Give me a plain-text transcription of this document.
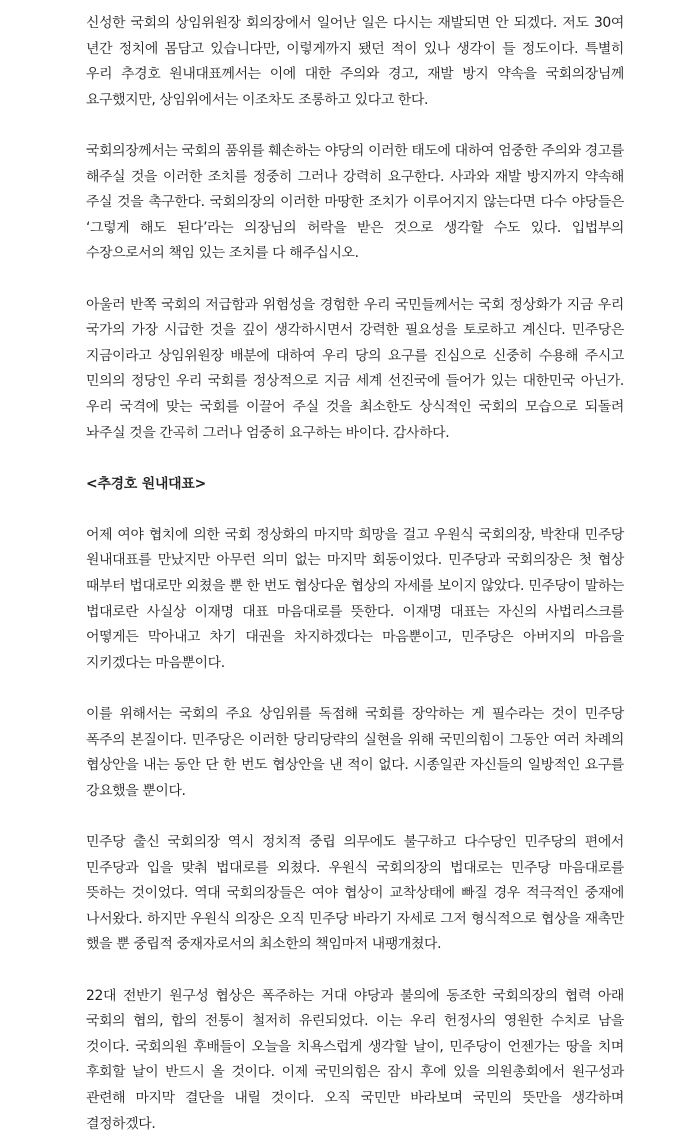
신성한 국회의 상임위원장 회의장에서 일어난 일은 다시는 재발되면 안 되겠다. 저도 30여 년간 정치에 몸담고 있습니다만, 이렇게까지 됐던 적이 있나 생각이 들 정도이다. 특별히 우리 추경호 원내대표께서는 이에 대한 주의와 경고, 재발 방지 약속을 국회의장님께 요구했지만, 상임위에서는 이조차도 조롱하고 있다고 한다.

국회의장께서는 국회의 품위를 훼손하는 야당의 이러한 태도에 대하여 엄중한 주의와 경고를 해주실 것을 이러한 조치를 정중히 그러나 강력히 요구한다. 사과와 재발 방지까지 약속해 주실 것을 촉구한다. 국회의장의 이러한 마땅한 조치가 이루어지지 않는다면 다수 야당들은 ‘그렇게 해도 된다’라는 의장님의 허락을 받은 것으로 생각할 수도 있다. 입법부의 수장으로서의 책임 있는 조치를 다 해주십시오.

아울러 반쪽 국회의 저급함과 위험성을 경험한 우리 국민들께서는 국회 정상화가 지금 우리 국가의 가장 시급한 것을 깊이 생각하시면서 강력한 필요성을 토로하고 계신다. 민주당은 지금이라고 상임위원장 배분에 대하여 우리 당의 요구를 진심으로 신중히 수용해 주시고 민의의 정당인 우리 국회를 정상적으로 지금 세계 선진국에 들어가 있는 대한민국 아닌가. 우리 국격에 맞는 국회를 이끌어 주실 것을 최소한도 상식적인 국회의 모습으로 되돌려 놔주실 것을 간곡히 그러나 엄중히 요구하는 바이다. 감사하다.

<추경호 원내대표>

어제 여야 협치에 의한 국회 정상화의 마지막 희망을 걸고 우원식 국회의장, 박찬대 민주당 원내대표를 만났지만 아무런 의미 없는 마지막 회동이었다. 민주당과 국회의장은 첫 협상 때부터 법대로만 외쳤을 뿐 한 번도 협상다운 협상의 자세를 보이지 않았다. 민주당이 말하는 법대로란 사실상 이재명 대표 마음대로를 뜻한다. 이재명 대표는 자신의 사법리스크를 어떻게든 막아내고 차기 대권을 차지하겠다는 마음뿐이고, 민주당은 아버지의 마음을 지키겠다는 마음뿐이다.

이를 위해서는 국회의 주요 상임위를 독점해 국회를 장악하는 게 필수라는 것이 민주당 폭주의 본질이다. 민주당은 이러한 당리당략의 실현을 위해 국민의힘이 그동안 여러 차례의 협상안을 내는 동안 단 한 번도 협상안을 낸 적이 없다. 시종일관 자신들의 일방적인 요구를 강요했을 뿐이다.

민주당 출신 국회의장 역시 정치적 중립 의무에도 불구하고 다수당인 민주당의 편에서 민주당과 입을 맞춰 법대로를 외쳤다. 우원식 국회의장의 법대로는 민주당 마음대로를 뜻하는 것이었다. 역대 국회의장들은 여야 협상이 교착상태에 빠질 경우 적극적인 중재에 나서왔다. 하지만 우원식 의장은 오직 민주당 바라기 자세로 그저 형식적으로 협상을 재촉만 했을 뿐 중립적 중재자로서의 최소한의 책임마저 내팽개쳤다.

22대 전반기 원구성 협상은 폭주하는 거대 야당과 불의에 동조한 국회의장의 협력 아래 국회의 협의, 합의 전통이 철저히 유린되었다. 이는 우리 헌정사의 영원한 수치로 남을 것이다. 국회의원 후배들이 오늘을 치욕스럽게 생각할 날이, 민주당이 언젠가는 땅을 치며 후회할 날이 반드시 올 것이다. 이제 국민의힘은 잠시 후에 있을 의원총회에서 원구성과 관련해 마지막 결단을 내릴 것이다. 오직 국민만 바라보며 국민의 뜻만을 생각하며 결정하겠다.
